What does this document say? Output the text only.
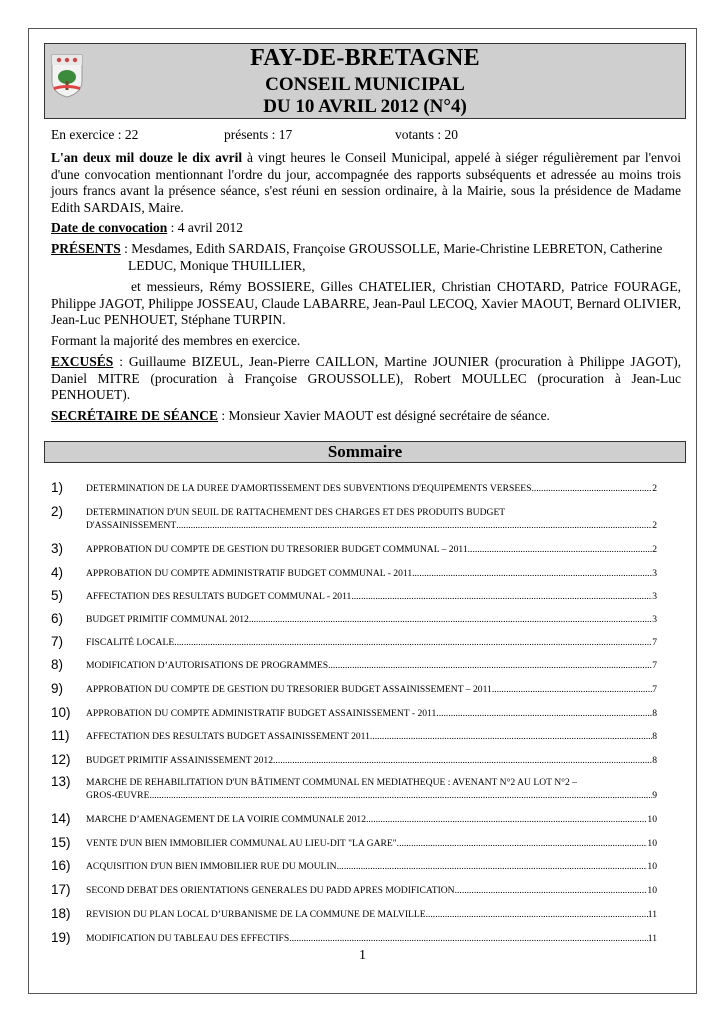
FAY-DE-BRETAGNE
CONSEIL MUNICIPAL
DU 10 AVRIL 2012 (N°4)
En exercice : 22	présents : 17	votants : 20
L'an deux mil douze le dix avril à vingt heures le Conseil Municipal, appelé à siéger régulièrement par l'envoi d'une convocation mentionnant l'ordre du jour, accompagnée des rapports subséquents et adressée au moins trois jours francs avant la présence séance, s'est réuni en session ordinaire, à la Mairie, sous la présidence de Madame Edith SARDAIS, Maire.
Date de convocation : 4 avril 2012
PRÉSENTS : Mesdames, Edith SARDAIS, Françoise GROUSSOLLE, Marie-Christine LEBRETON, Catherine
LEDUC, Monique THUILLIER,
et messieurs, Rémy BOSSIERE, Gilles CHATELIER, Christian CHOTARD, Patrice FOURAGE, Philippe JAGOT, Philippe JOSSEAU, Claude LABARRE, Jean-Paul LECOQ, Xavier MAOUT, Bernard OLIVIER, Jean-Luc PENHOUET, Stéphane TURPIN.
Formant la majorité des membres en exercice.
EXCUSÉS : Guillaume BIZEUL, Jean-Pierre CAILLON, Martine JOUNIER (procuration à Philippe JAGOT), Daniel MITRE (procuration à Françoise GROUSSOLLE), Robert MOULLEC (procuration à Jean-Luc PENHOUET).
SECRÉTAIRE DE SÉANCE : Monsieur Xavier MAOUT est désigné secrétaire de séance.
Sommaire
1) DETERMINATION DE LA DUREE D'AMORTISSEMENT DES SUBVENTIONS D'EQUIPEMENTS VERSEES .....	2
2) DETERMINATION D'UN SEUIL DE RATTACHEMENT DES CHARGES ET DES PRODUITS BUDGET
D'ASSAINISSEMENT .....	2
3) APPROBATION DU COMPTE DE GESTION DU TRESORIER BUDGET COMMUNAL – 2011 .....	2
4) APPROBATION DU COMPTE ADMINISTRATIF BUDGET COMMUNAL - 2011 .....	3
5) AFFECTATION DES RESULTATS BUDGET COMMUNAL - 2011 .....	3
6) BUDGET PRIMITIF COMMUNAL 2012 .....	3
7) FISCALITÉ LOCALE .....	7
8) MODIFICATION D’AUTORISATIONS DE PROGRAMMES .....	7
9) APPROBATION DU COMPTE DE GESTION DU TRESORIER BUDGET ASSAINISSEMENT – 2011 .....	7
10) APPROBATION DU COMPTE ADMINISTRATIF BUDGET ASSAINISSEMENT - 2011 .....	8
11) AFFECTATION DES RESULTATS BUDGET ASSAINISSEMENT 2011 .....	8
12) BUDGET PRIMITIF ASSAINISSEMENT 2012 .....	8
13) MARCHE DE REHABILITATION D'UN BÂTIMENT COMMUNAL EN MEDIATHEQUE : AVENANT N°2 AU LOT N°2 –
GROS-ŒUVRE .....	9
14) MARCHE D’AMENAGEMENT DE LA VOIRIE COMMUNALE 2012 .....	10
15) VENTE D'UN BIEN IMMOBILIER COMMUNAL AU LIEU-DIT "LA GARE" .....	10
16) ACQUISITION D'UN BIEN IMMOBILIER RUE DU MOULIN .....	10
17) SECOND DEBAT DES ORIENTATIONS GENERALES DU PADD APRES MODIFICATION .....	10
18) REVISION DU PLAN LOCAL D’URBANISME DE LA COMMUNE DE MALVILLE .....	11
19) MODIFICATION DU TABLEAU DES EFFECTIFS .....	11
1
